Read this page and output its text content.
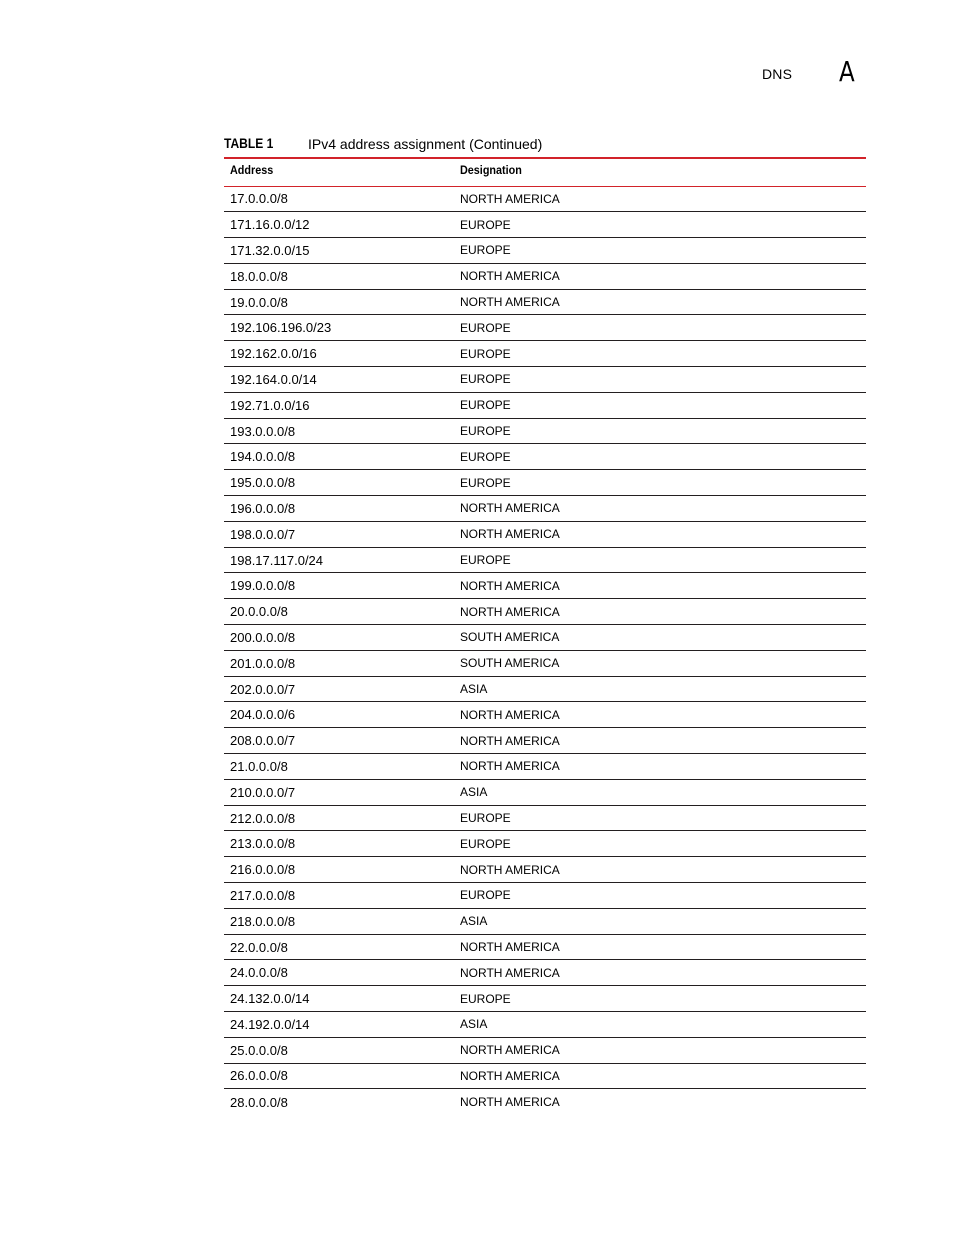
DNS A
TABLE 1 IPv4 address assignment (Continued)
Address	Designation
17.0.0.0/8	NORTH AMERICA
171.16.0.0/12	EUROPE
171.32.0.0/15	EUROPE
18.0.0.0/8	NORTH AMERICA
19.0.0.0/8	NORTH AMERICA
192.106.196.0/23	EUROPE
192.162.0.0/16	EUROPE
192.164.0.0/14	EUROPE
192.71.0.0/16	EUROPE
193.0.0.0/8	EUROPE
194.0.0.0/8	EUROPE
195.0.0.0/8	EUROPE
196.0.0.0/8	NORTH AMERICA
198.0.0.0/7	NORTH AMERICA
198.17.117.0/24	EUROPE
199.0.0.0/8	NORTH AMERICA
20.0.0.0/8	NORTH AMERICA
200.0.0.0/8	SOUTH AMERICA
201.0.0.0/8	SOUTH AMERICA
202.0.0.0/7	ASIA
204.0.0.0/6	NORTH AMERICA
208.0.0.0/7	NORTH AMERICA
21.0.0.0/8	NORTH AMERICA
210.0.0.0/7	ASIA
212.0.0.0/8	EUROPE
213.0.0.0/8	EUROPE
216.0.0.0/8	NORTH AMERICA
217.0.0.0/8	EUROPE
218.0.0.0/8	ASIA
22.0.0.0/8	NORTH AMERICA
24.0.0.0/8	NORTH AMERICA
24.132.0.0/14	EUROPE
24.192.0.0/14	ASIA
25.0.0.0/8	NORTH AMERICA
26.0.0.0/8	NORTH AMERICA
28.0.0.0/8	NORTH AMERICA
